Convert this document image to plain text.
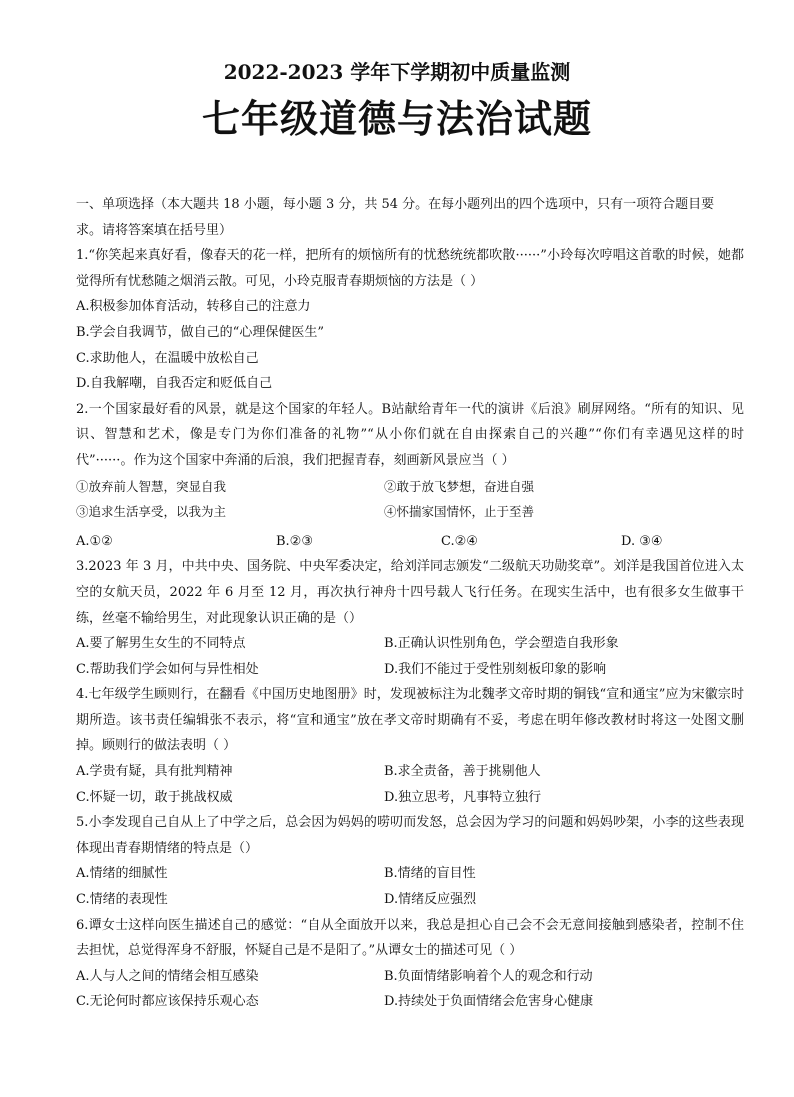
2022-2023 学年下学期初中质量监测
七年级道德与法治试题
一、单项选择（本大题共 18 小题，每小题 3 分，共 54 分。在每小题列出的四个选项中，只有一项符合题目要
求。请将答案填在括号里）
1.“你笑起来真好看，像春天的花一样，把所有的烦恼所有的忧愁统统都吹散······”小玲每次哼唱这首歌的时候，她都觉得所有忧愁随之烟消云散。可见，小玲克服青春期烦恼的方法是（ ）
A.积极参加体育活动，转移自己的注意力
B.学会自我调节，做自己的“心理保健医生”
C.求助他人，在温暖中放松自己
D.自我解嘲，自我否定和贬低自己
2.一个国家最好看的风景，就是这个国家的年轻人。B站献给青年一代的演讲《后浪》刷屏网络。“所有的知识、见识、智慧和艺术，像是专门为你们准备的礼物”“从小你们就在自由探索自己的兴趣”“你们有幸遇见这样的时代”······。作为这个国家中奔涌的后浪，我们把握青春，刻画新风景应当（ ）
①放弃前人智慧，突显自我	②敢于放飞梦想，奋进自强
③追求生活享受，以我为主	④怀揣家国情怀，止于至善
A.①②	B.②③	C.②④	D. ③④
3.2023 年 3 月，中共中央、国务院、中央军委决定，给刘洋同志颁发“二级航天功勋奖章”。刘洋是我国首位进入太空的女航天员，2022 年 6 月至 12 月，再次执行神舟十四号载人飞行任务。在现实生活中，也有很多女生做事干练，丝毫不输给男生，对此现象认识正确的是（）
A.要了解男生女生的不同特点	B.正确认识性别角色，学会塑造自我形象
C.帮助我们学会如何与异性相处	D.我们不能过于受性别刻板印象的影响
4.七年级学生顾则行，在翻看《中国历史地图册》时，发现被标注为北魏孝文帝时期的铜钱“宣和通宝”应为宋徽宗时期所造。该书责任编辑张不表示，将“宣和通宝”放在孝文帝时期确有不妥，考虑在明年修改教材时将这一处图文删掉。顾则行的做法表明（ ）
A.学贵有疑，具有批判精神	B.求全责备，善于挑剔他人
C.怀疑一切，敢于挑战权威	D.独立思考，凡事特立独行
5.小李发现自己自从上了中学之后，总会因为妈妈的唠叨而发怒，总会因为学习的问题和妈妈吵架，小李的这些表现体现出青春期情绪的特点是（）
A.情绪的细腻性	B.情绪的盲目性
C.情绪的表现性	D.情绪反应强烈
6.谭女士这样向医生描述自己的感觉：“自从全面放开以来，我总是担心自己会不会无意间接触到感染者，控制不住去担忧，总觉得浑身不舒服，怀疑自己是不是阳了。”从谭女士的描述可见（ ）
A.人与人之间的情绪会相互感染	B.负面情绪影响着个人的观念和行动
C.无论何时都应该保持乐观心态	D.持续处于负面情绪会危害身心健康
